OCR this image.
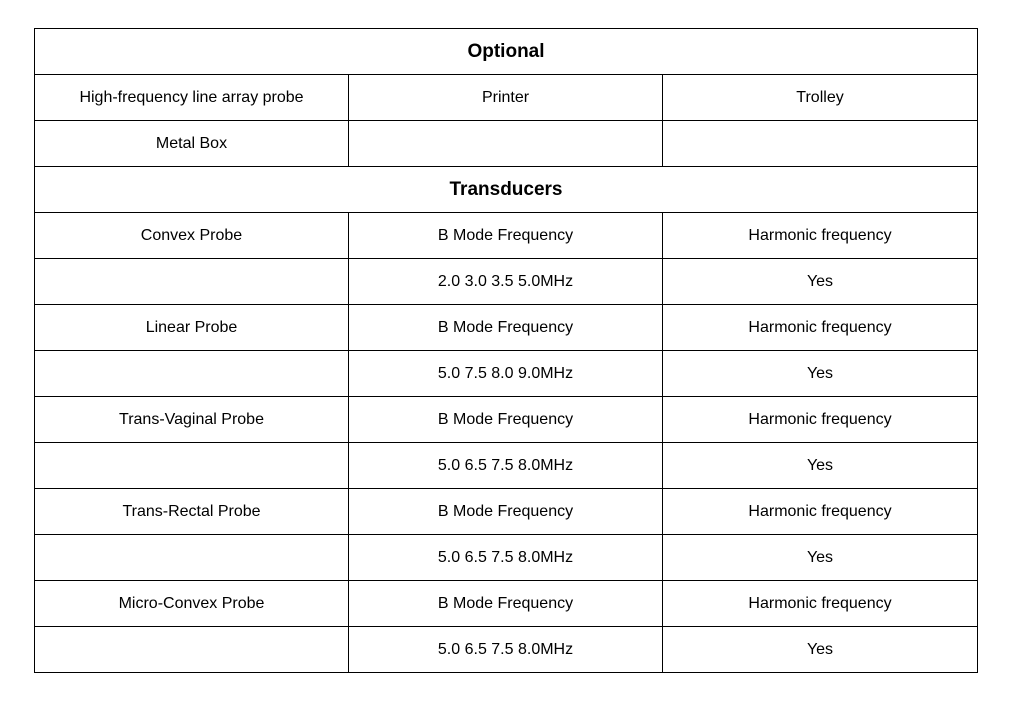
Optional		
High-frequency line array probe	Printer	Trolley
Metal Box		
Transducers		
Convex Probe	B Mode Frequency	Harmonic frequency
	2.0 3.0 3.5 5.0MHz	Yes
Linear Probe	B Mode Frequency	Harmonic frequency
	5.0 7.5 8.0 9.0MHz	Yes
Trans-Vaginal Probe	B Mode Frequency	Harmonic frequency
	5.0 6.5 7.5 8.0MHz	Yes
Trans-Rectal Probe	B Mode Frequency	Harmonic frequency
	5.0 6.5 7.5 8.0MHz	Yes
Micro-Convex Probe	B Mode Frequency	Harmonic frequency
	5.0 6.5 7.5 8.0MHz	Yes
